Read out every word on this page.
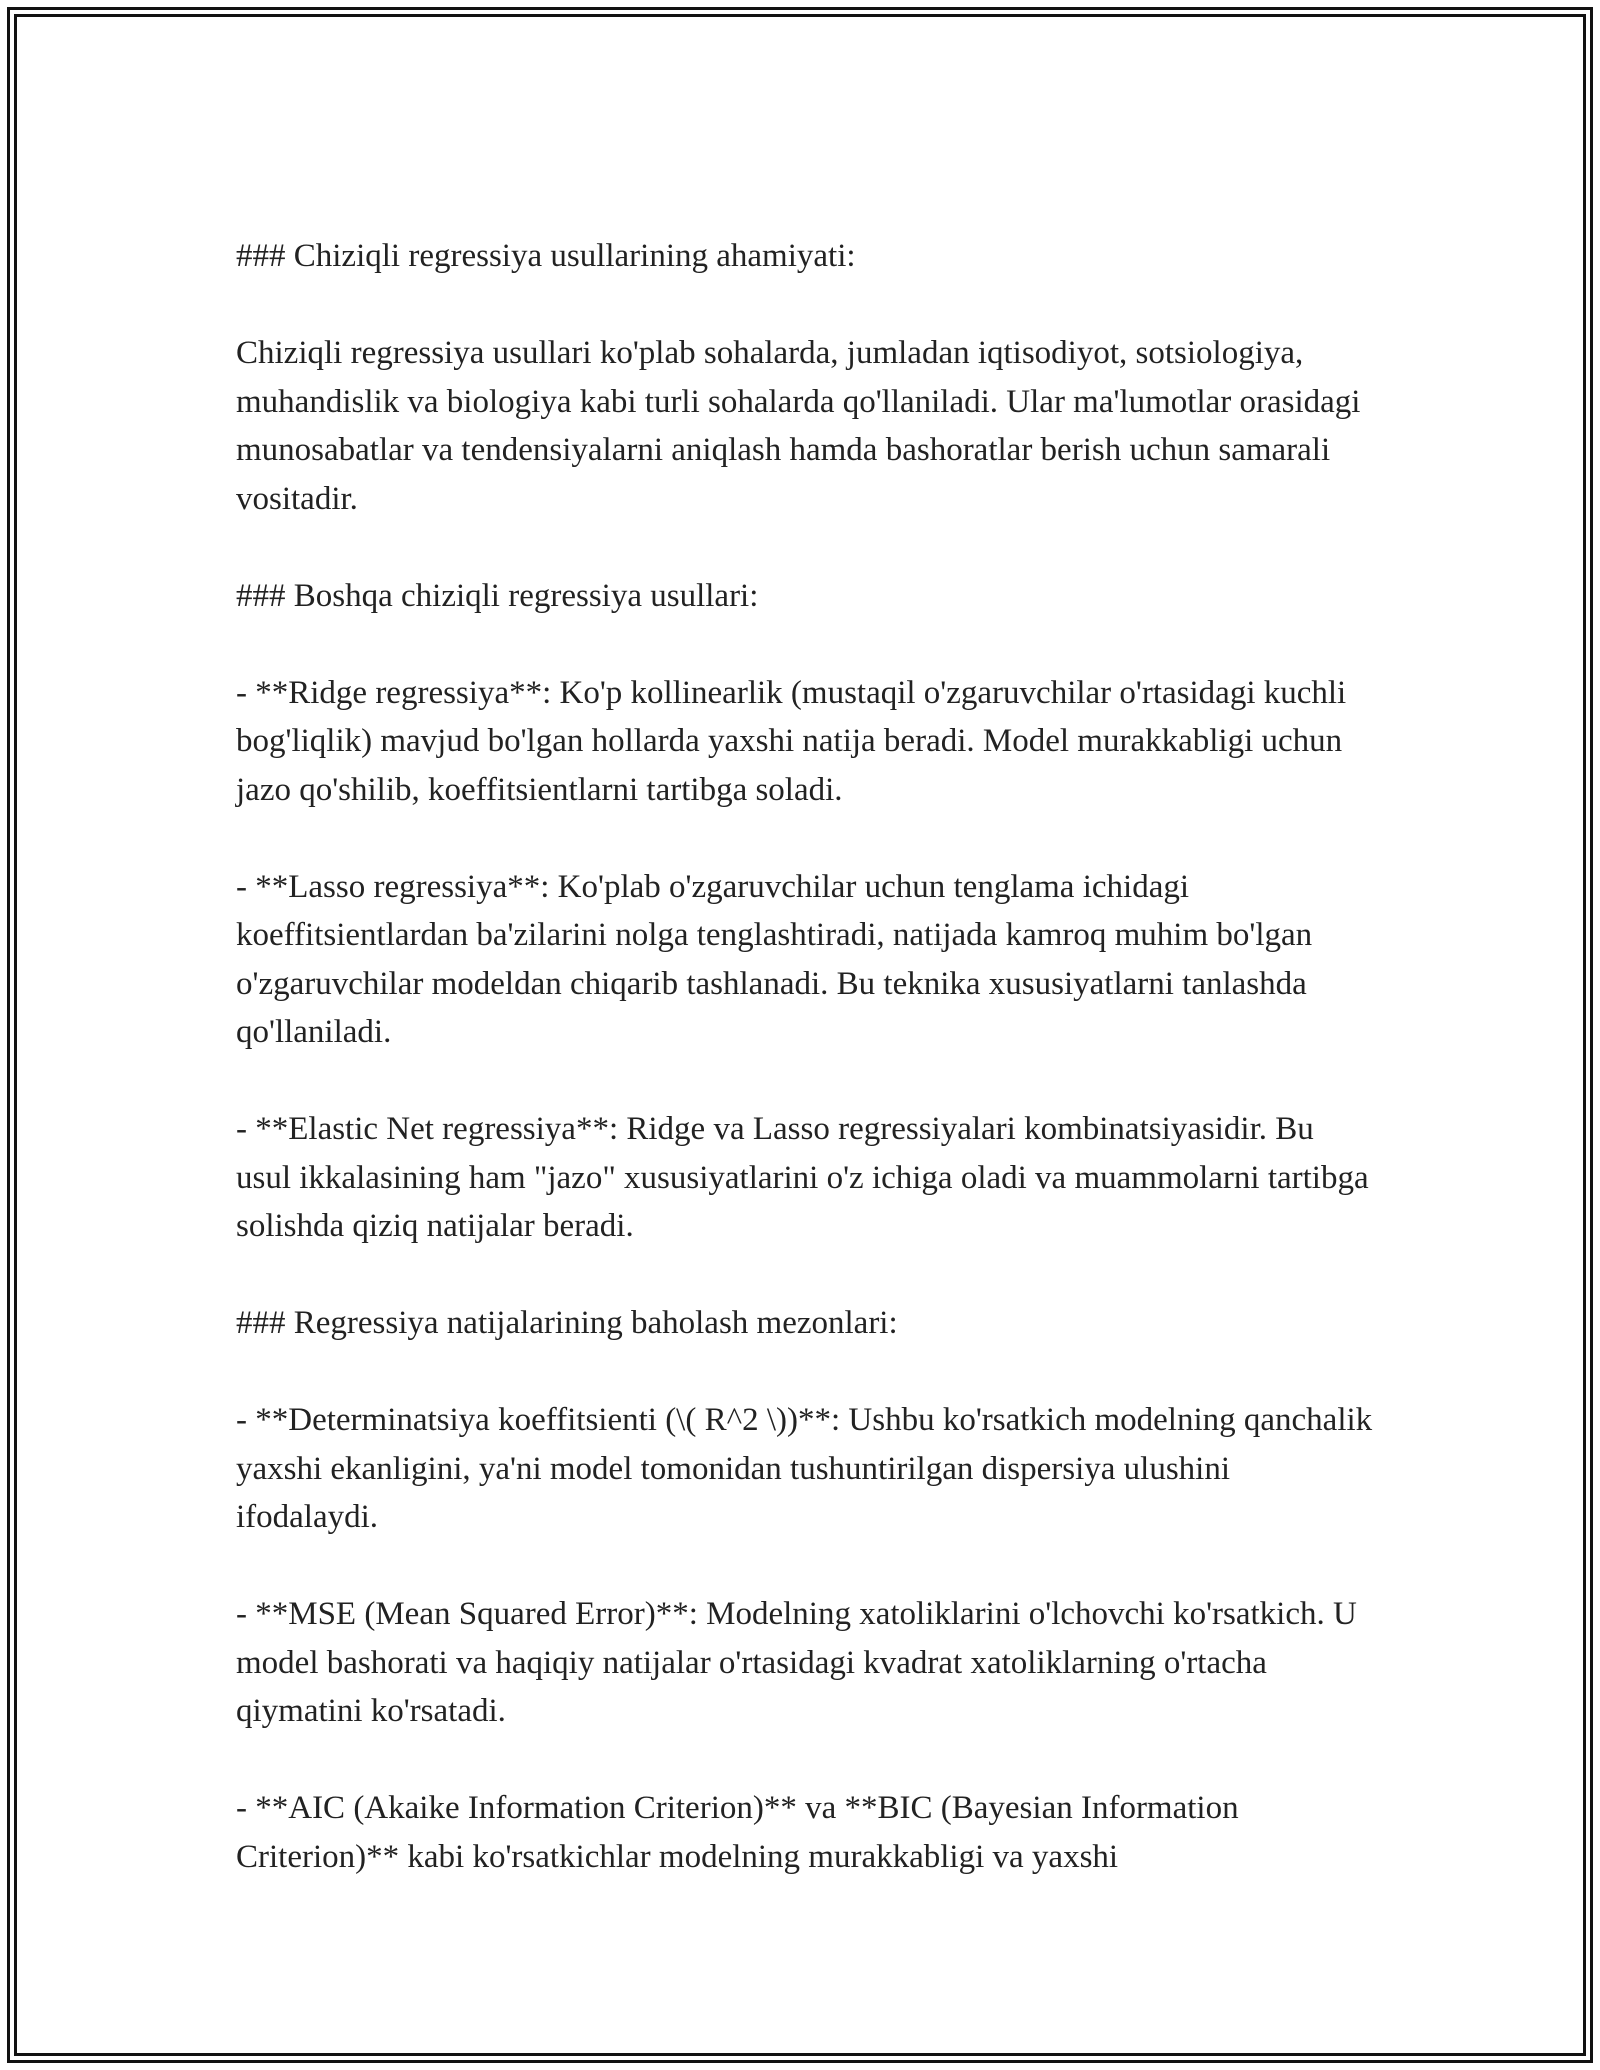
### Chiziqli regressiya usullarining ahamiyati:

Chiziqli regressiya usullari ko'plab sohalarda, jumladan iqtisodiyot, sotsiologiya, muhandislik va biologiya kabi turli sohalarda qo'llaniladi. Ular ma'lumotlar orasidagi munosabatlar va tendensiyalarni aniqlash hamda bashoratlar berish uchun samarali vositadir.

### Boshqa chiziqli regressiya usullari:

- **Ridge regressiya**: Ko'p kollinearlik (mustaqil o'zgaruvchilar o'rtasidagi kuchli bog'liqlik) mavjud bo'lgan hollarda yaxshi natija beradi. Model murakkabligi uchun jazo qo'shilib, koeffitsientlarni tartibga soladi.

- **Lasso regressiya**: Ko'plab o'zgaruvchilar uchun tenglama ichidagi koeffitsientlardan ba'zilarini nolga tenglashtiradi, natijada kamroq muhim bo'lgan o'zgaruvchilar modeldan chiqarib tashlanadi. Bu teknika xususiyatlarni tanlashda qo'llaniladi.

- **Elastic Net regressiya**: Ridge va Lasso regressiyalari kombinatsiyasidir. Bu usul ikkalasining ham "jazo" xususiyatlarini o'z ichiga oladi va muammolarni tartibga solishda qiziq natijalar beradi.

### Regressiya natijalarining baholash mezonlari:

- **Determinatsiya koeffitsienti (\( R^2 \))**: Ushbu ko'rsatkich modelning qanchalik yaxshi ekanligini, ya'ni model tomonidan tushuntirilgan dispersiya ulushini ifodalaydi.

- **MSE (Mean Squared Error)**: Modelning xatoliklarini o'lchovchi ko'rsatkich. U model bashorati va haqiqiy natijalar o'rtasidagi kvadrat xatoliklarning o'rtacha qiymatini ko'rsatadi.

- **AIC (Akaike Information Criterion)** va **BIC (Bayesian Information Criterion)** kabi ko'rsatkichlar modelning murakkabligi va yaxshi
